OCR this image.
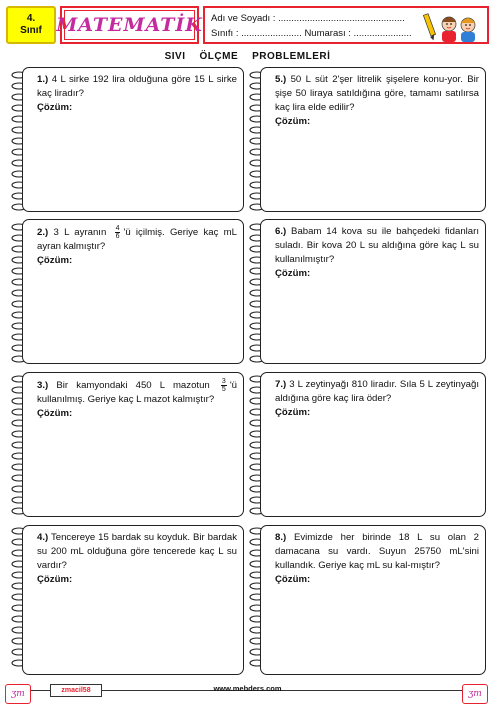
4.
Sınıf MATEMATİK Adı ve Soyadı : ................................................
Sınıfı : ....................... Numarası : ......................
SIVI ÖLÇME PROBLEMLERİ
1.) 4 L sirke 192 lira olduğuna göre 15 L sirke kaç liradır?
Çözüm:
2.) 3 L ayranın $\frac{4}{6}$ 'ü içilmiş. Geriye kaç mL ayran kalmıştır?
Çözüm:
3.) Bir kamyondaki 450 L mazotun $\frac{3}{5}$ 'ü kullanılmış. Geriye kaç L mazot kalmıştır?
Çözüm:
4.) Tencereye 15 bardak su koyduk. Bir bardak su 200 mL olduğuna göre tencerede kaç L su vardır?
Çözüm:
5.) 50 L süt 2'şer litrelik şişelere konu-yor. Bir şişe 50 liraya satıldığına göre, tamamı satılırsa kaç lira elde edilir?
Çözüm:
6.) Babam 14 kova su ile bahçedeki fidanları suladı. Bir kova 20 L su aldığına göre kaç L su kullanılmıştır?
Çözüm:
7.) 3 L zeytinyağı 810 liradır. Sıla 5 L zeytinyağı aldığına göre kaç lira öder?
Çözüm:
8.) Evimizde her birinde 18 L su olan 2 damacana su vardı. Suyun 25750 mL'sini kullandık. Geriye kaç mL su kal-mıştır?
Çözüm:
www.mebders.com
ʒm	zmacil58	ʒm
